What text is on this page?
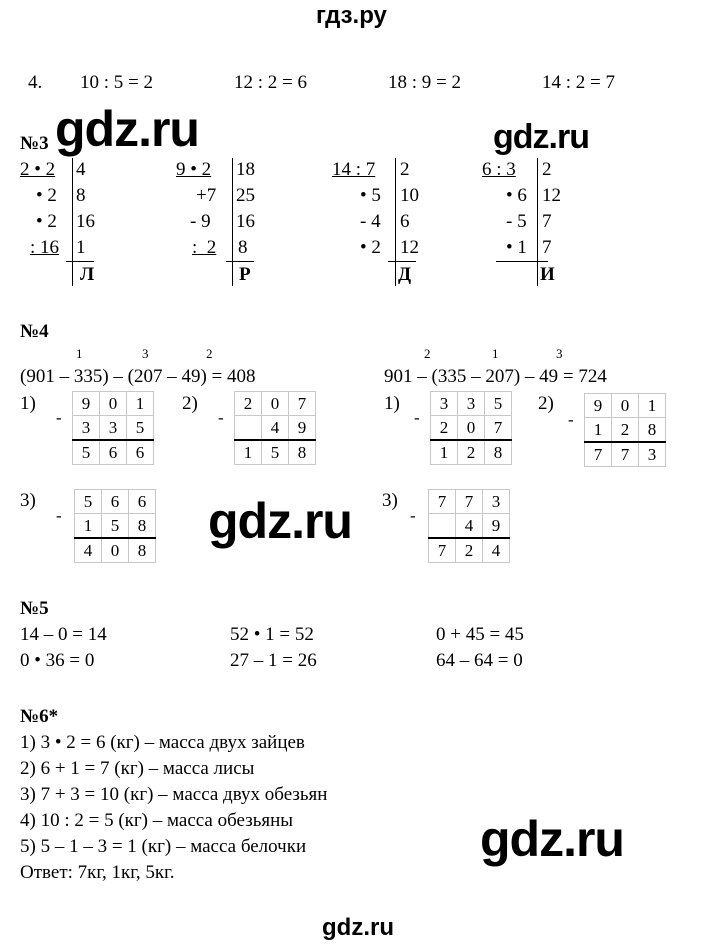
гдз.ру
4. 10 : 5 = 2	12 : 2 = 6	18 : 9 = 2	14 : 2 = 7
gdz.ru	gdz.ru
gdz.ru
gdz.ru
№3
2 • 2 4
• 2 8
• 2 16
: 16 1
Л
9 • 2 18
+7 25
- 9 16
:  2 8
Р
14 : 7 2
• 5 10
- 4 6
• 2 12
Д
6 : 3 2
• 6 12
- 5 7
• 1 7
И
№4
1	3	2
(901 – 335) – (207 – 49) = 408
2	1	3
901 – (335 – 207) – 49 = 724
1)	2)	1)	2)
3)	3)
-
9	0	1
3	3	5
5	6	6
-
2	0	7
	4	9
1	5	8
-
3	3	5
2	0	7
1	2	8
-
9	0	1
1	2	8
7	7	3
-
5	6	6
1	5	8
4	0	8
-
7	7	3
	4	9
7	2	4
№5
14 – 0 = 14	52 • 1 = 52	0 + 45 = 45
0 • 36 = 0	27 – 1 = 26	64 – 64 = 0
№6*
1) 3 • 2 = 6 (кг) – масса двух зайцев
2) 6 + 1 = 7 (кг) – масса лисы
3) 7 + 3 = 10 (кг) – масса двух обезьян
4) 10 : 2 = 5 (кг) – масса обезьяны
5) 5 – 1 – 3 = 1 (кг) – масса белочки
Ответ: 7кг, 1кг, 5кг.
gdz.ru
